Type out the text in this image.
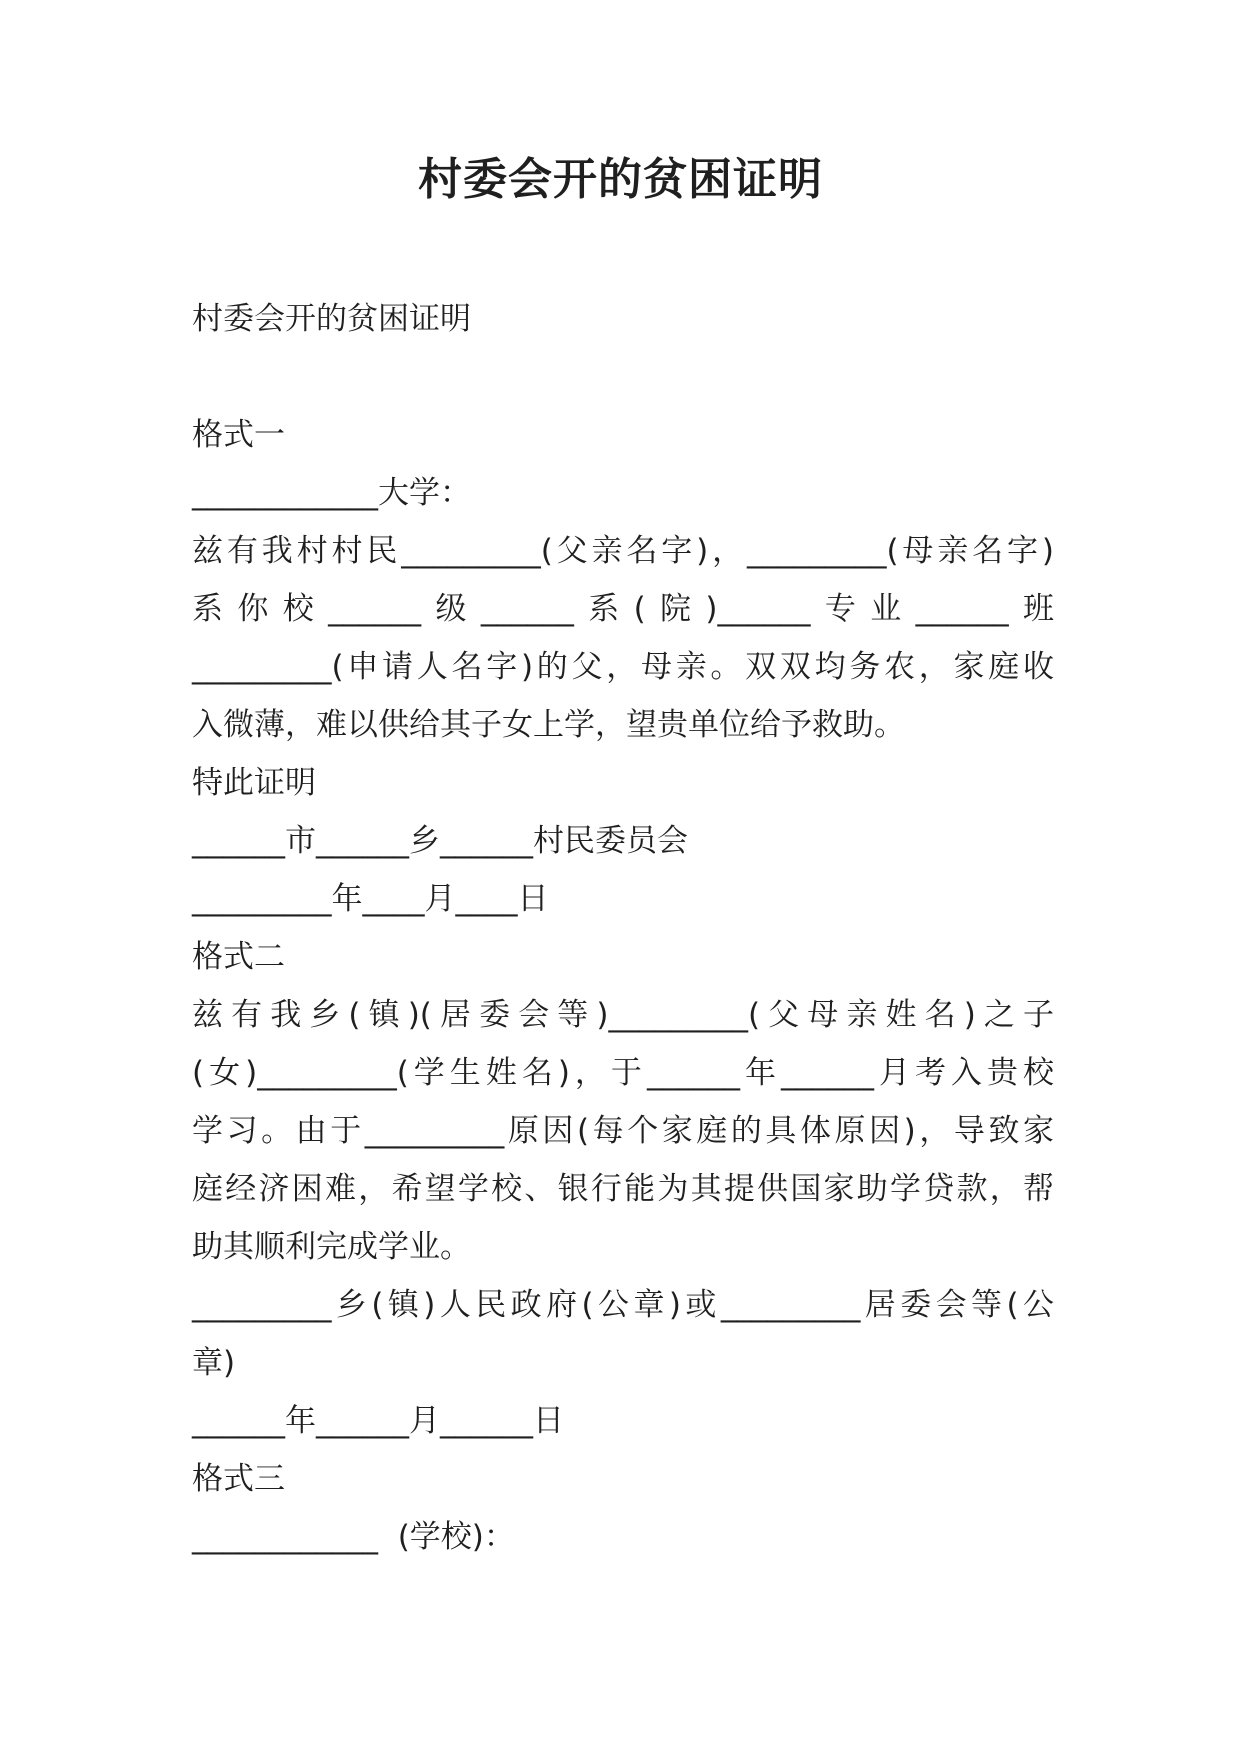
村委会开的贫困证明

村委会开的贫困证明

格式一

____________大学：

兹有我村村民_________(父亲名字)，_________(母亲名字)

系你校______级______系(院)______专业______班

_________(申请人名字)的父，母亲。双双均务农，家庭收

入微薄，难以供给其子女上学，望贵单位给予救助。

特此证明

______市______乡______村民委员会

_________年____月____日

格式二

兹有我乡(镇)(居委会等)_________(父母亲姓名)之子

(女)_________(学生姓名)，于______年______月考入贵校

学习。由于_________原因(每个家庭的具体原因)，导致家

庭经济困难，希望学校、银行能为其提供国家助学贷款，帮

助其顺利完成学业。

_________乡(镇)人民政府(公章)或_________居委会等(公

章)

______年______月______日

格式三

____________  (学校)：
